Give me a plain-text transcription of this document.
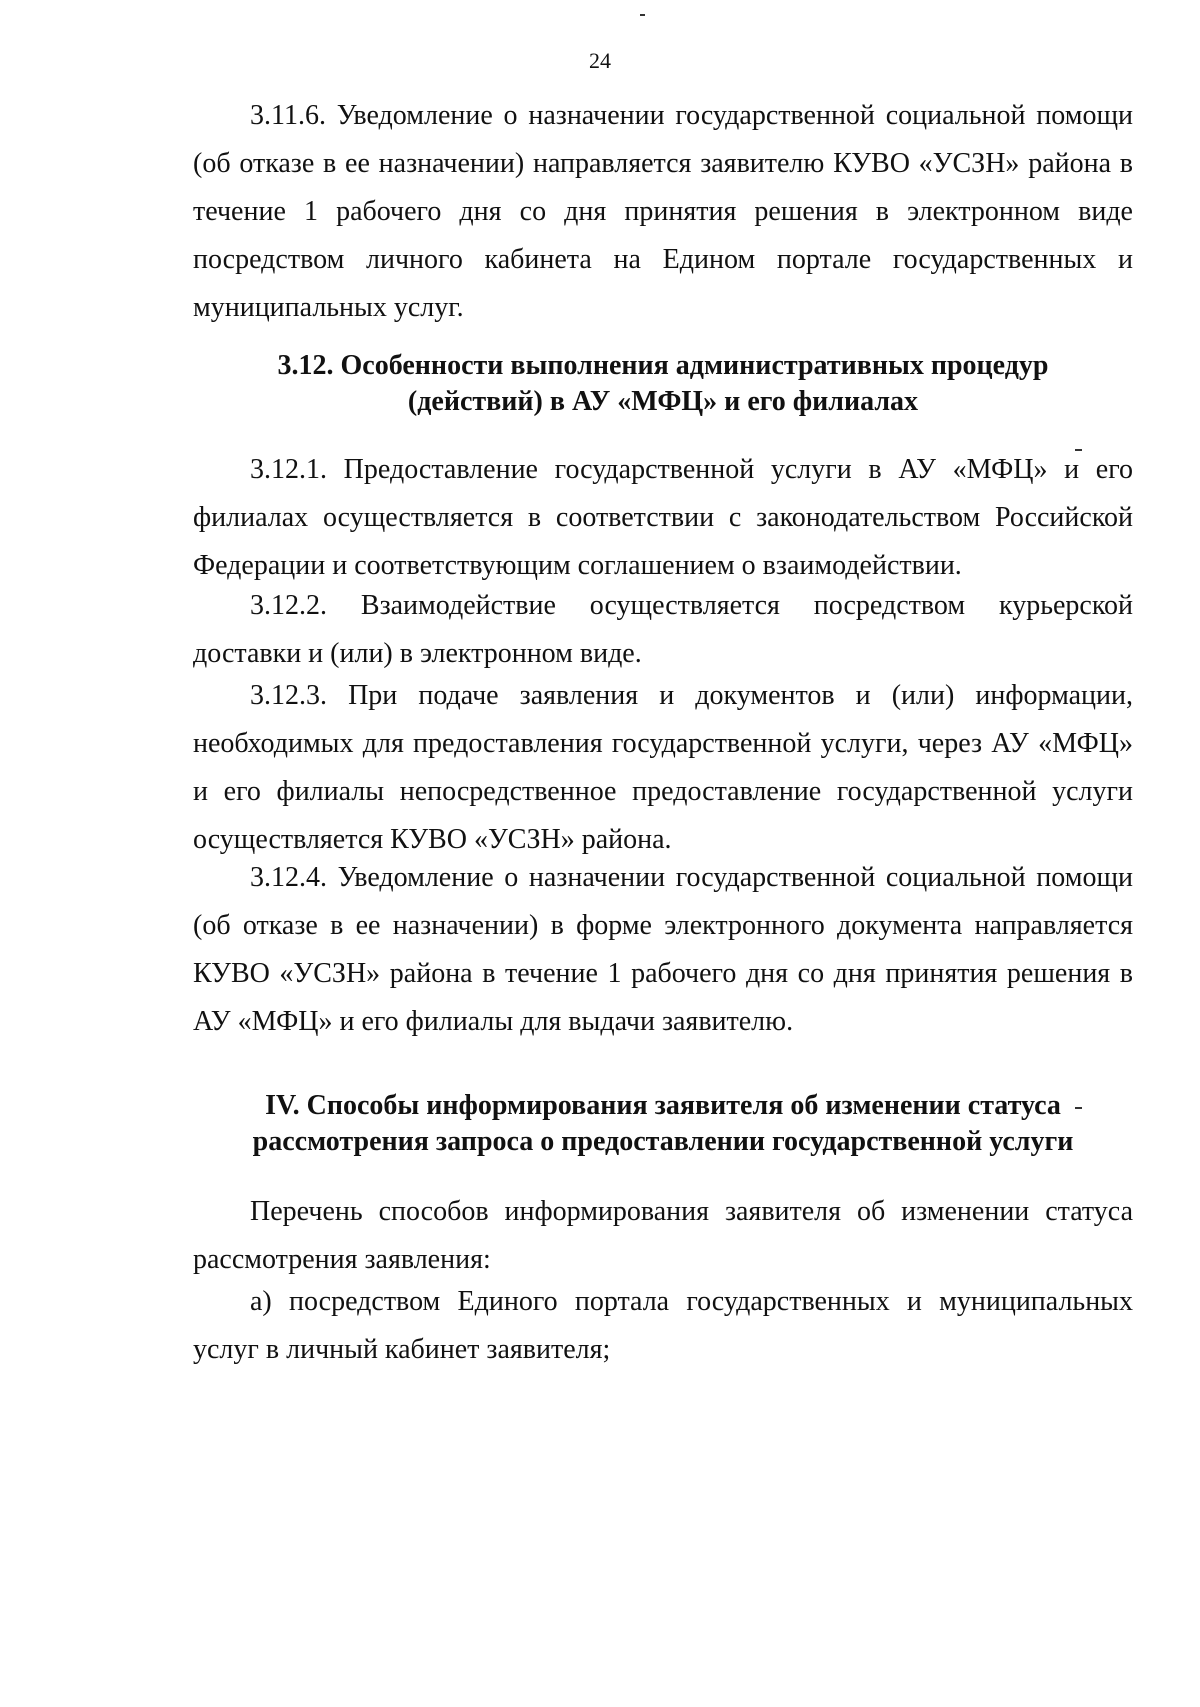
24

3.11.6. Уведомление о назначении государственной социальной помощи (об отказе в ее назначении) направляется заявителю КУВО «УСЗН» района в течение 1 рабочего дня со дня принятия решения в электронном виде посредством личного кабинета на Едином портале государственных и муниципальных услуг.

3.12. Особенности выполнения административных процедур
(действий) в АУ «МФЦ» и его филиалах

3.12.1. Предоставление государственной услуги в АУ «МФЦ» и его филиалах осуществляется в соответствии с законодательством Российской Федерации и соответствующим соглашением о взаимодействии.

3.12.2. Взаимодействие осуществляется посредством курьерской доставки и (или) в электронном виде.

3.12.3. При подаче заявления и документов и (или) информации, необходимых для предоставления государственной услуги, через АУ «МФЦ» и его филиалы непосредственное предоставление государственной услуги осуществляется КУВО «УСЗН» района.

3.12.4. Уведомление о назначении государственной социальной помощи (об отказе в ее назначении) в форме электронного документа направляется КУВО «УСЗН» района в течение 1 рабочего дня со дня принятия решения в АУ «МФЦ» и его филиалы для выдачи заявителю.

IV. Способы информирования заявителя об изменении статуса
рассмотрения запроса о предоставлении государственной услуги

Перечень способов информирования заявителя об изменении статуса рассмотрения заявления:

а) посредством Единого портала государственных и муниципальных услуг в личный кабинет заявителя;
